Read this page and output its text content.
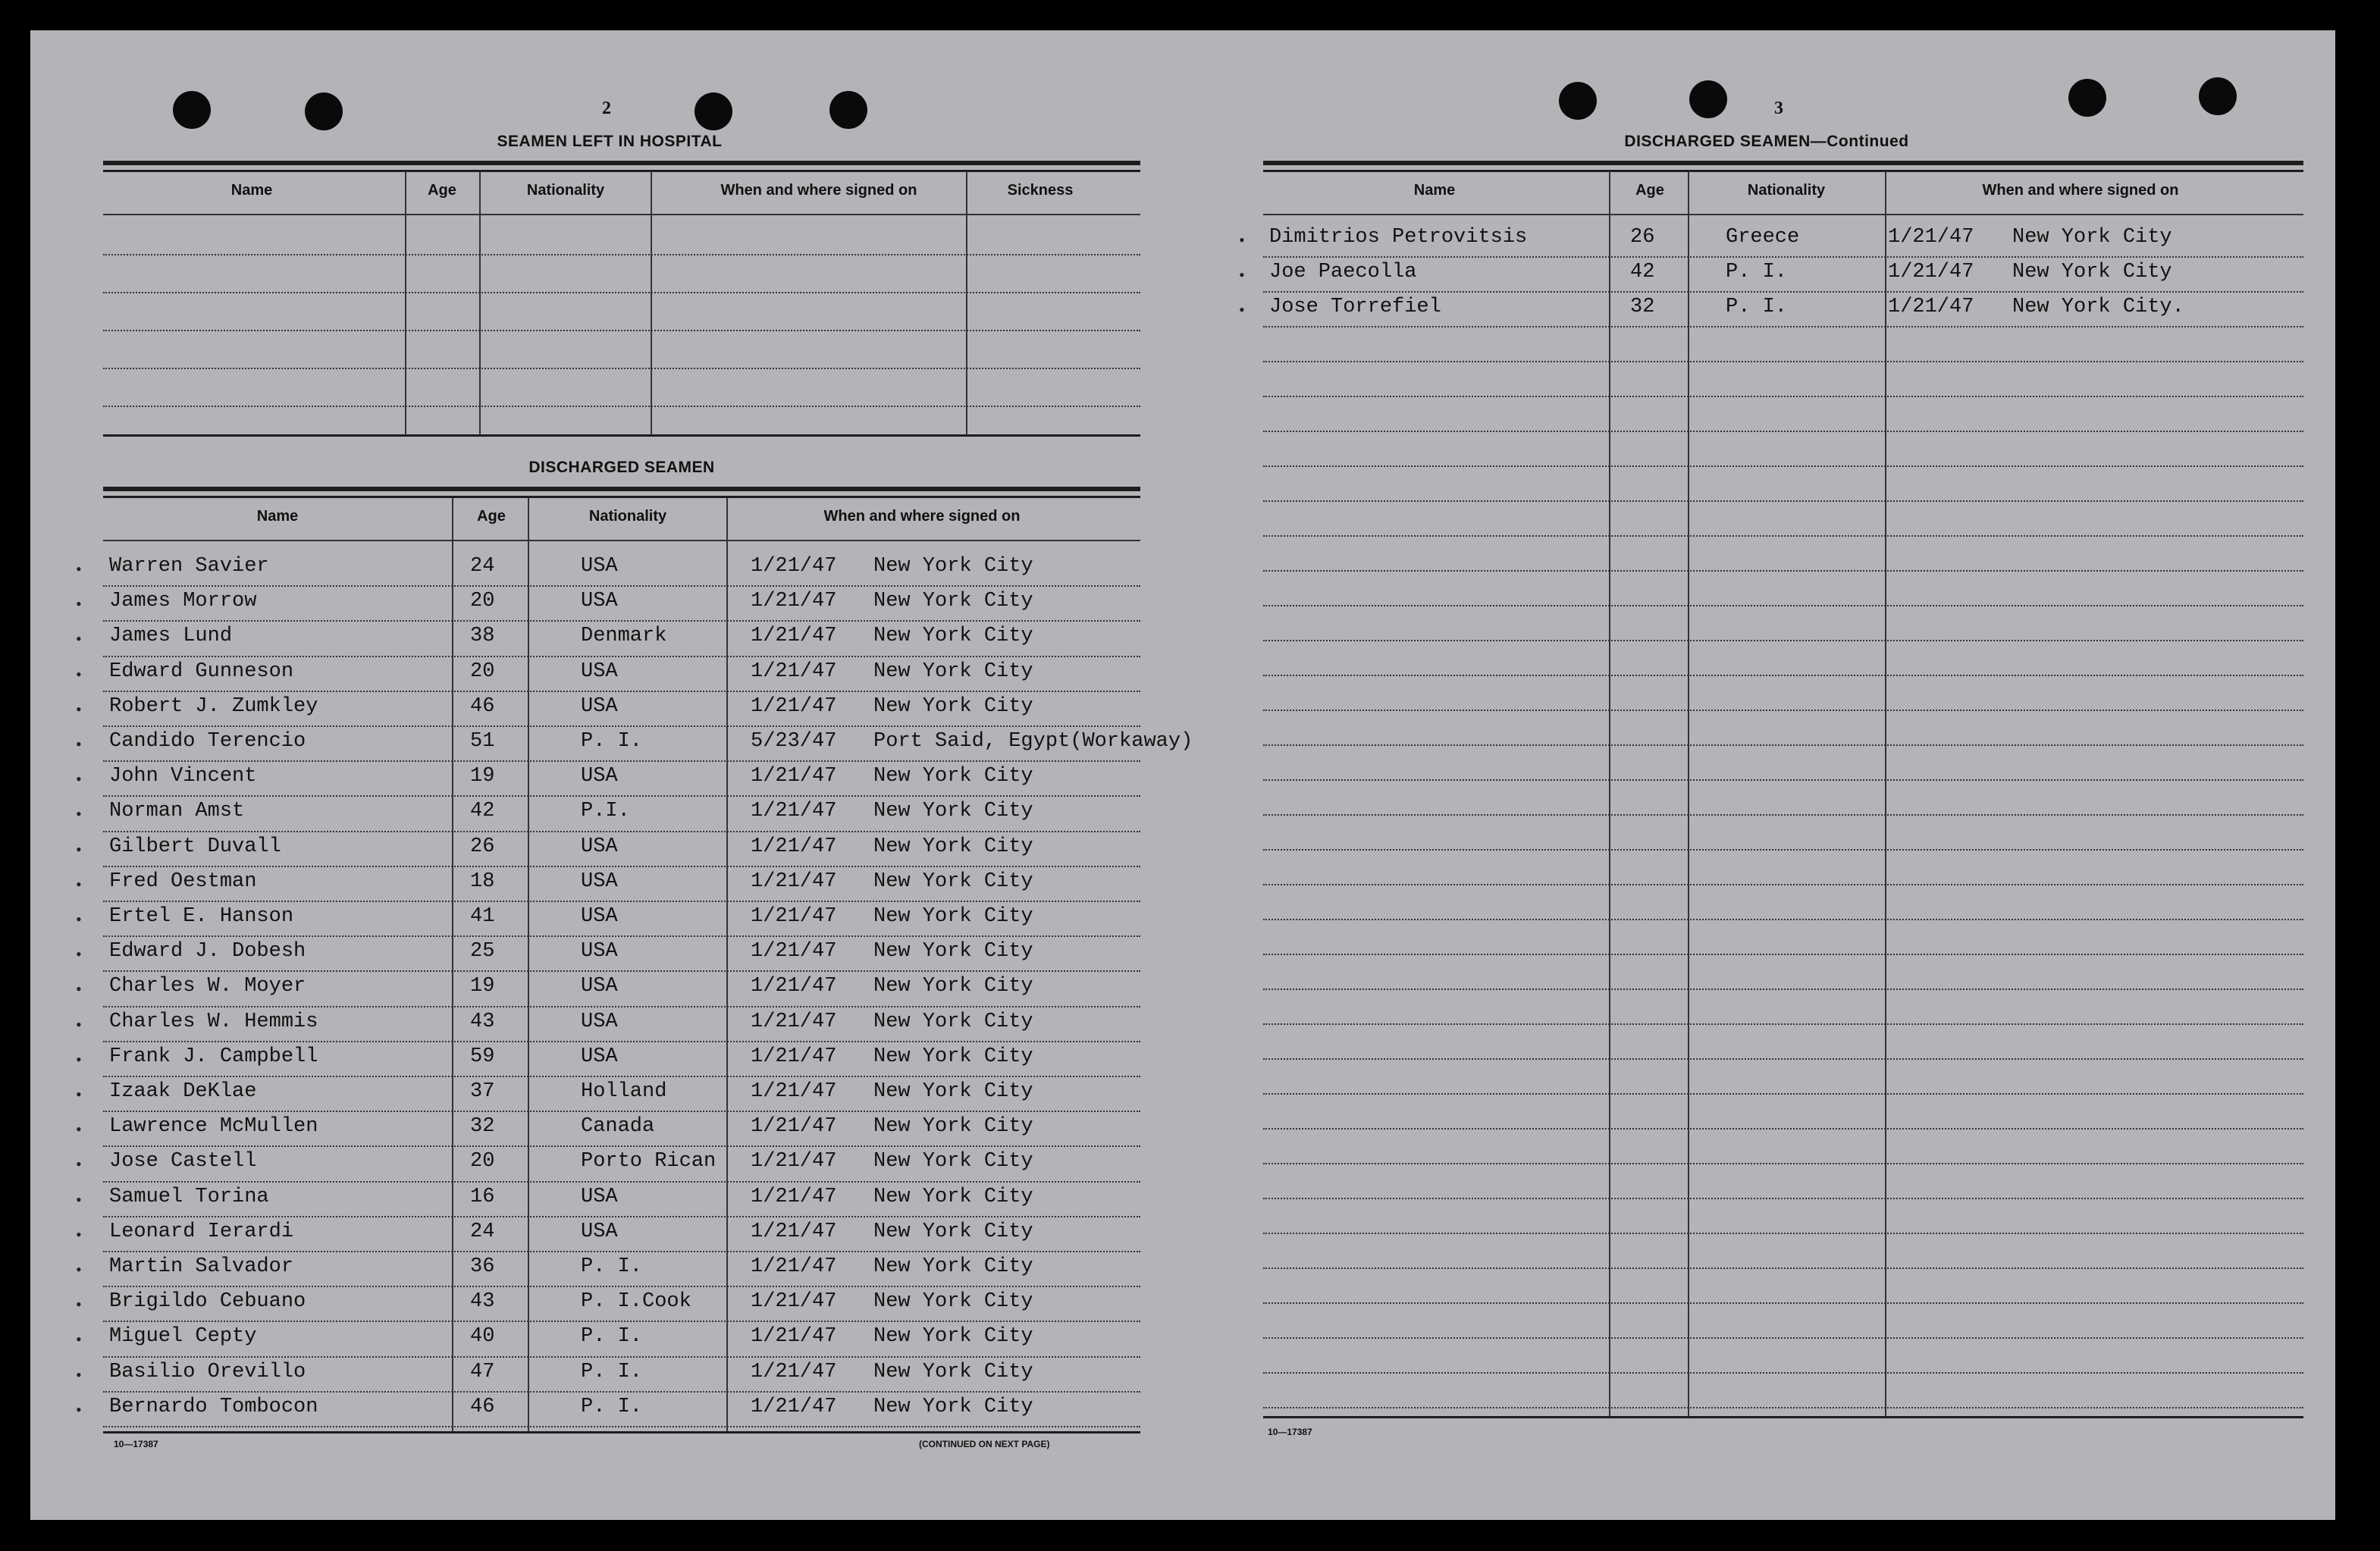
2
SEAMEN LEFT IN HOSPITAL
Name	Age	Nationality	When and where signed on	Sickness
DISCHARGED SEAMEN
Name	Age	Nationality	When and where signed on
• Warren Savier	24	USA	1/21/47 New York City
• James Morrow	20	USA	1/21/47 New York City
• James Lund	38	Denmark	1/21/47 New York City
• Edward Gunneson	20	USA	1/21/47 New York City
• Robert J. Zumkley	46	USA	1/21/47 New York City
• Candido Terencio	51	P. I.	5/23/47 Port Said, Egypt(Workaway)
• John Vincent	19	USA	1/21/47 New York City
• Norman Amst	42	P.I.	1/21/47 New York City
• Gilbert Duvall	26	USA	1/21/47 New York City
• Fred Oestman	18	USA	1/21/47 New York City
• Ertel E. Hanson	41	USA	1/21/47 New York City
• Edward J. Dobesh	25	USA	1/21/47 New York City
• Charles W. Moyer	19	USA	1/21/47 New York City
• Charles W. Hemmis	43	USA	1/21/47 New York City
• Frank J. Campbell	59	USA	1/21/47 New York City
• Izaak DeKlae	37	Holland	1/21/47 New York City
• Lawrence McMullen	32	Canada	1/21/47 New York City
• Jose Castell	20	Porto Rican 1/21/47 New York City
• Samuel Torina	16	USA	1/21/47 New York City
• Leonard Ierardi	24	USA	1/21/47 New York City
• Martin Salvador	36	P. I.	1/21/47 New York City
• Brigildo Cebuano	43	P. I.Cook	1/21/47 New York City
• Miguel Cepty	40	P. I.	1/21/47 New York City
• Basilio Orevillo	47	P. I.	1/21/47 New York City
• Bernardo Tombocon	46	P. I.	1/21/47 New York City
10—17387	(CONTINUED ON NEXT PAGE)
3
DISCHARGED SEAMEN—Continued
Name	Age	Nationality	When and where signed on
• Dimitrios Petrovitsis	26	Greece	1/21/47 New York City
• Joe Paecolla	42	P. I.	1/21/47 New York City
• Jose Torrefiel	32	P. I.	1/21/47 New York City.
10—17387
